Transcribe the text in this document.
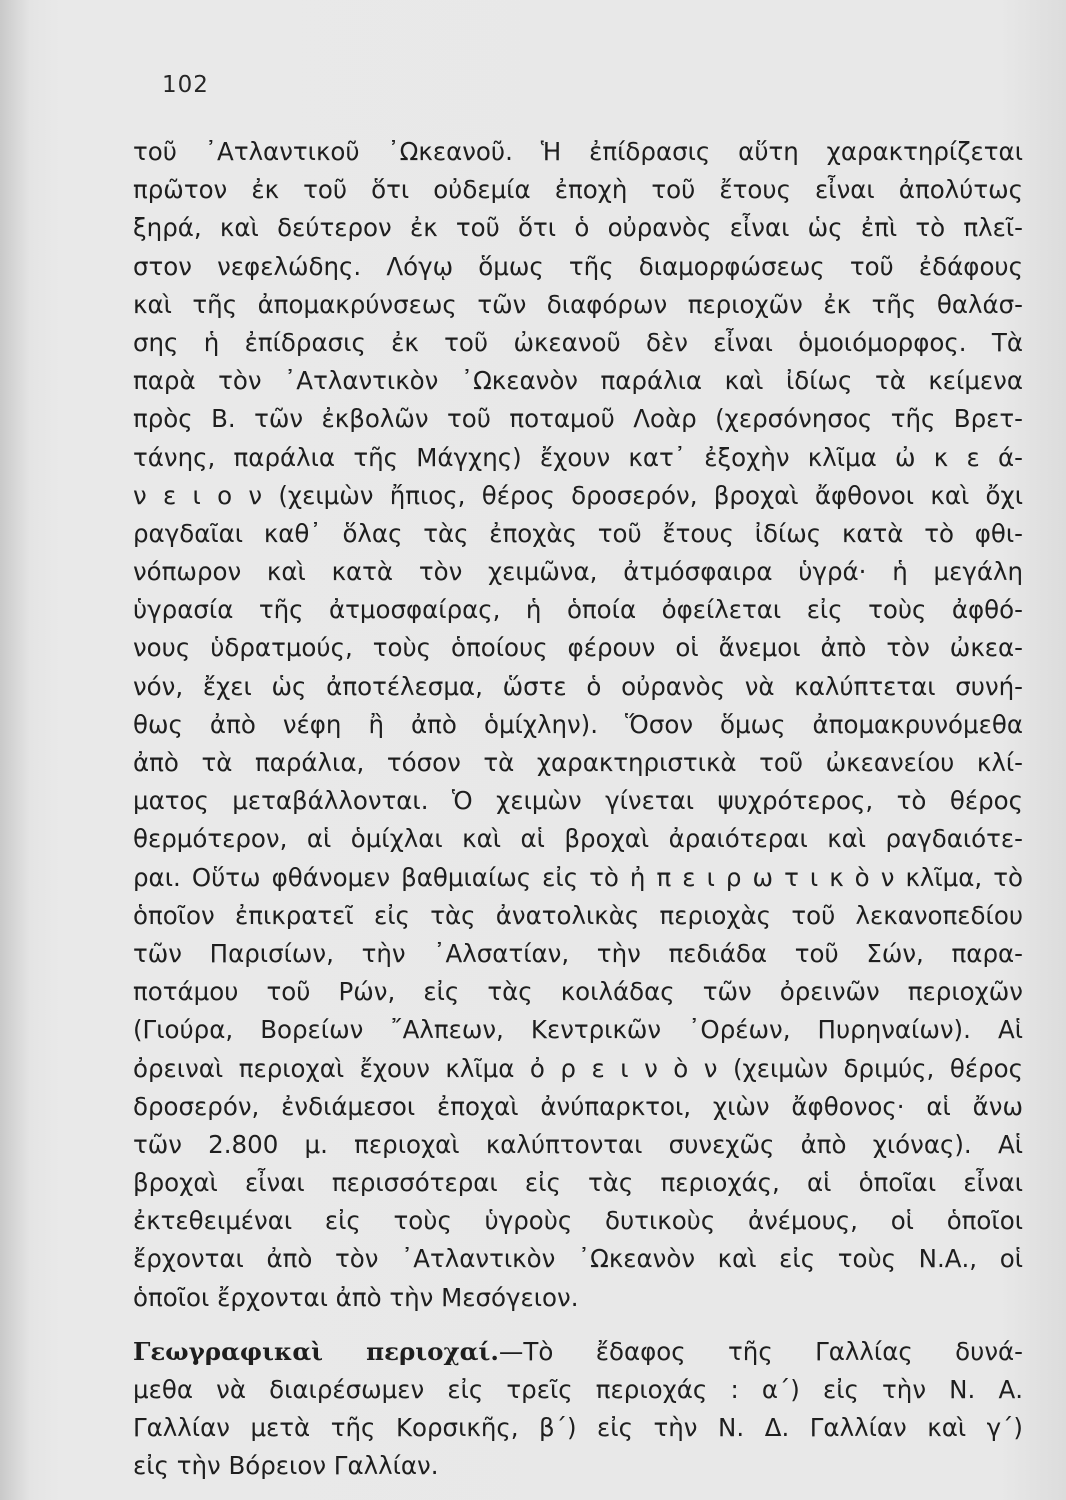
102
τοῦ ᾿Ατλαντικοῦ ᾿Ωκεανοῦ. Ἡ ἐπίδρασις αὕτη χαρακτηρίζεται
πρῶτον ἐκ τοῦ ὅτι οὐδεμία ἐποχὴ τοῦ ἔτους εἶναι ἀπολύτως
ξηρά, καὶ δεύτερον ἐκ τοῦ ὅτι ὁ οὐρανὸς εἶναι ὡς ἐπὶ τὸ πλεῖ-
στον νεφελώδης. Λόγῳ ὅμως τῆς διαμορφώσεως τοῦ ἐδάφους
καὶ τῆς ἀπομακρύνσεως τῶν διαφόρων περιοχῶν ἐκ τῆς θαλάσ-
σης ἡ ἐπίδρασις ἐκ τοῦ ὠκεανοῦ δὲν εἶναι ὁμοιόμορφος. Τὰ
παρὰ τὸν ᾿Ατλαντικὸν ᾿Ωκεανὸν παράλια καὶ ἰδίως τὰ κείμενα
πρὸς Β. τῶν ἐκβολῶν τοῦ ποταμοῦ Λοὰρ (χερσόνησος τῆς Βρετ-
τάνης, παράλια τῆς Μάγχης) ἔχουν κατ᾿ ἐξοχὴν κλῖμα ὠ κ ε ά-
ν ε ι ο ν (χειμὼν ἤπιος, θέρος δροσερόν, βροχαὶ ἄφθονοι καὶ ὄχι
ραγδαῖαι καθ᾿ ὅλας τὰς ἐποχὰς τοῦ ἔτους ἰδίως κατὰ τὸ φθι-
νόπωρον καὶ κατὰ τὸν χειμῶνα, ἀτμόσφαιρα ὑγρά· ἡ μεγάλη
ὑγρασία τῆς ἀτμοσφαίρας, ἡ ὁποία ὀφείλεται εἰς τοὺς ἀφθό-
νους ὑδρατμούς, τοὺς ὁποίους φέρουν οἱ ἄνεμοι ἀπὸ τὸν ὠκεα-
νόν, ἔχει ὡς ἀποτέλεσμα, ὥστε ὁ οὐρανὸς νὰ καλύπτεται συνή-
θως ἀπὸ νέφη ἢ ἀπὸ ὁμίχλην). Ὅσον ὅμως ἀπομακρυνόμεθα
ἀπὸ τὰ παράλια, τόσον τὰ χαρακτηριστικὰ τοῦ ὠκεανείου κλί-
ματος μεταβάλλονται. Ὁ χειμὼν γίνεται ψυχρότερος, τὸ θέρος
θερμότερον, αἱ ὁμίχλαι καὶ αἱ βροχαὶ ἀραιότεραι καὶ ραγδαιότε-
ραι. Οὕτω φθάνομεν βαθμιαίως εἰς τὸ ἠ π ε ι ρ ω τ ι κ ὸ ν κλῖμα, τὸ
ὁποῖον ἐπικρατεῖ εἰς τὰς ἀνατολικὰς περιοχὰς τοῦ λεκανοπεδίου
τῶν Παρισίων, τὴν ᾿Αλσατίαν, τὴν πεδιάδα τοῦ Σών, παρα-
ποτάμου τοῦ Ρών, εἰς τὰς κοιλάδας τῶν ὀρεινῶν περιοχῶν
(Γιούρα, Βορείων ῎Αλπεων, Κεντρικῶν ᾿Ορέων, Πυρηναίων). Αἱ
ὀρειναὶ περιοχαὶ ἔχουν κλῖμα ὀ ρ ε ι ν ὸ ν (χειμὼν δριμύς, θέρος
δροσερόν, ἐνδιάμεσοι ἐποχαὶ ἀνύπαρκτοι, χιὼν ἄφθονος· αἱ ἄνω
τῶν 2.800 μ. περιοχαὶ καλύπτονται συνεχῶς ἀπὸ χιόνας). Αἱ
βροχαὶ εἶναι περισσότεραι εἰς τὰς περιοχάς, αἱ ὁποῖαι εἶναι
ἐκτεθειμέναι εἰς τοὺς ὑγροὺς δυτικοὺς ἀνέμους, οἱ ὁποῖοι
ἔρχονται ἀπὸ τὸν ᾿Ατλαντικὸν ᾿Ωκεανὸν καὶ εἰς τοὺς Ν.Α., οἱ
ὁποῖοι ἔρχονται ἀπὸ τὴν Μεσόγειον.
Γεωγραφικαὶ περιοχαί.—Τὸ ἔδαφος τῆς Γαλλίας δυνά-
μεθα νὰ διαιρέσωμεν εἰς τρεῖς περιοχάς : α΄) εἰς τὴν Ν. Α.
Γαλλίαν μετὰ τῆς Κορσικῆς, β΄) εἰς τὴν Ν. Δ. Γαλλίαν καὶ γ΄)
εἰς τὴν Βόρειον Γαλλίαν.
